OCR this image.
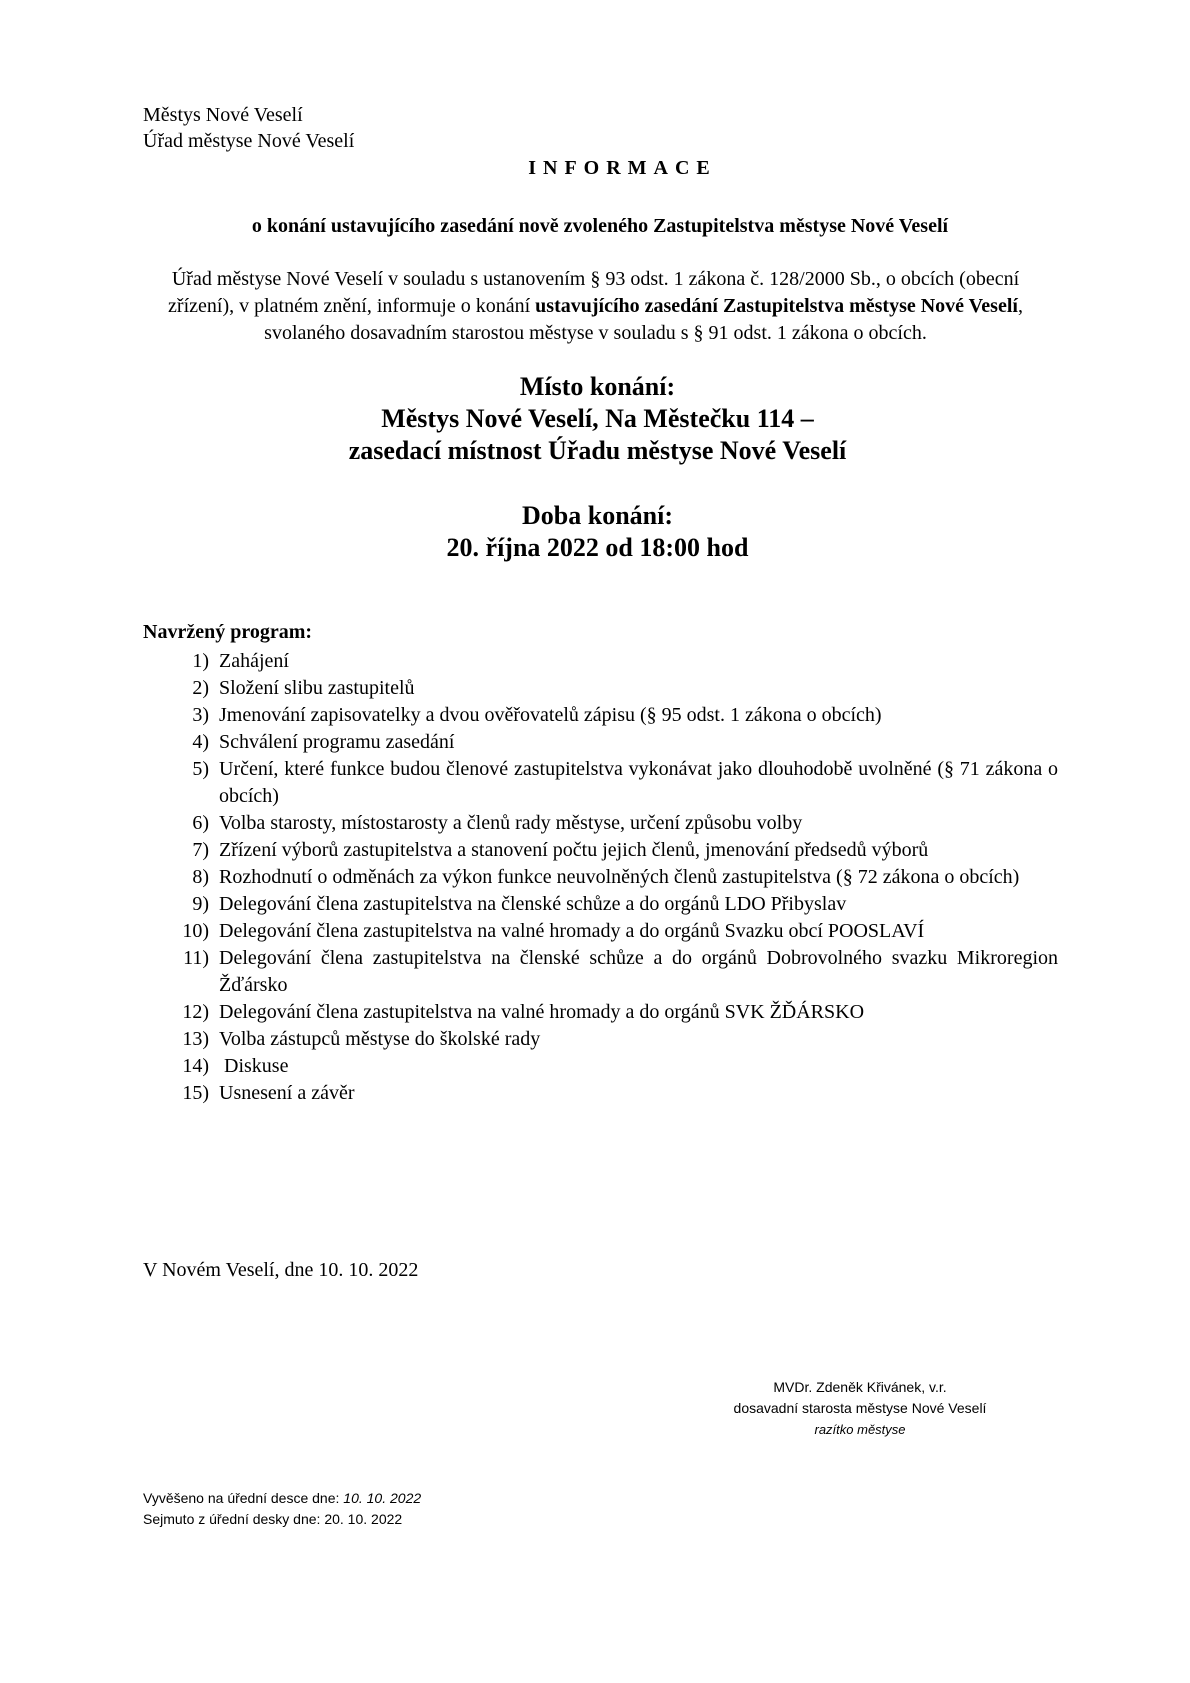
Městys Nové Veselí
Úřad městyse Nové Veselí
INFORMACE
o konání ustavujícího zasedání nově zvoleného Zastupitelstva městyse Nové Veselí
Úřad městyse Nové Veselí v souladu s ustanovením § 93 odst. 1 zákona č. 128/2000 Sb., o obcích (obecní zřízení), v platném znění, informuje o konání ustavujícího zasedání Zastupitelstva městyse Nové Veselí, svolaného dosavadním starostou městyse v souladu s § 91 odst. 1 zákona o obcích.
Místo konání:
Městys Nové Veselí, Na Městečku 114 –
zasedací místnost Úřadu městyse Nové Veselí
Doba konání:
20. října 2022 od 18:00 hod
Navržený program:
1) Zahájení
2) Složení slibu zastupitelů
3) Jmenování zapisovatelky a dvou ověřovatelů zápisu (§ 95 odst. 1 zákona o obcích)
4) Schválení programu zasedání
5) Určení, které funkce budou členové zastupitelstva vykonávat jako dlouhodobě uvolněné (§ 71 zákona o obcích)
6) Volba starosty, místostarosty a členů rady městyse, určení způsobu volby
7) Zřízení výborů zastupitelstva a stanovení počtu jejich členů, jmenování předsedů výborů
8) Rozhodnutí o odměnách za výkon funkce neuvolněných členů zastupitelstva (§ 72 zákona o obcích)
9) Delegování člena zastupitelstva na členské schůze a do orgánů LDO Přibyslav
10) Delegování člena zastupitelstva na valné hromady a do orgánů Svazku obcí POOSLAVÍ
11) Delegování člena zastupitelstva na členské schůze a do orgánů Dobrovolného svazku Mikroregion Žďársko
12) Delegování člena zastupitelstva na valné hromady a do orgánů SVK ŽĎÁRSKO
13) Volba zástupců městyse do školské rady
14) Diskuse
15) Usnesení a závěr
V Novém Veselí, dne 10. 10. 2022
MVDr. Zdeněk Křivánek, v.r.
dosavadní starosta městyse Nové Veselí
razítko městyse
Vyvěšeno na úřední desce dne: 10. 10. 2022
Sejmuto z úřední desky dne: 20. 10. 2022
